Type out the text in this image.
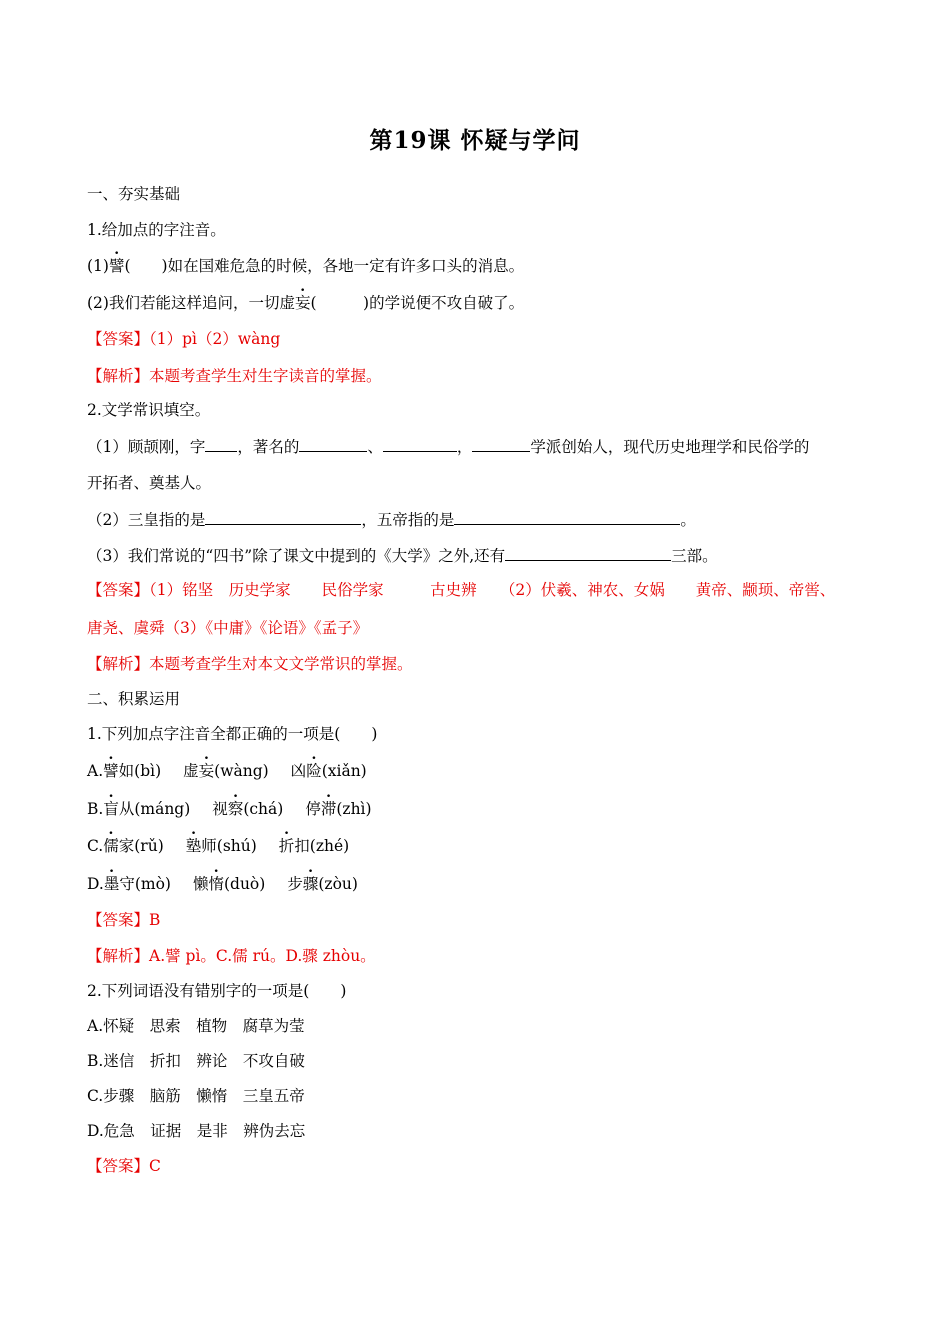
第19课 怀疑与学问
一、夯实基础
1.给加点的字注音。
(1)譬(　　)如在国难危急的时候，各地一定有许多口头的消息。
(2)我们若能这样追问，一切虚妄(　　　)的学说便不攻自破了。
【答案】（1）pì（2）wàng
【解析】本题考查学生对生字读音的掌握。
2.文学常识填空。
（1）顾颉刚，字 ，著名的	、	，	学派创始人，现代历史地理学和民俗学的
开拓者、奠基人。
（2）三皇指的是	，五帝指的是	。
（3）我们常说的“四书”除了课文中提到的《大学》之外,还有	三部。
【答案】（1）铭坚　历史学家　　民俗学家　　　古史辨　　（2）伏羲、神农、女娲　　黄帝、颛顼、帝喾、
唐尧、虞舜（3）《中庸》《论语》《孟子》
【解析】本题考查学生对本文文学常识的掌握。
二、积累运用
1.下列加点字注音全都正确的一项是(　　)
A.譬如(bì) 虚妄(wàng) 凶险(xiǎn)
B.盲从(máng) 视察(chá) 停滞(zhì)
C.儒家(rǔ) 塾师(shú) 折扣(zhé)
D.墨守(mò) 懒惰(duò) 步骤(zòu)
【答案】B
【解析】A.譬 pì。C.儒 rú。D.骤 zhòu。
2.下列词语没有错别字的一项是(　　)
A.怀疑　思索　植物　腐草为莹
B.迷信　折扣　辨论　不攻自破
C.步骤　脑筋　懒惰　三皇五帝
D.危急　证据　是非　辨伪去忘
【答案】C
